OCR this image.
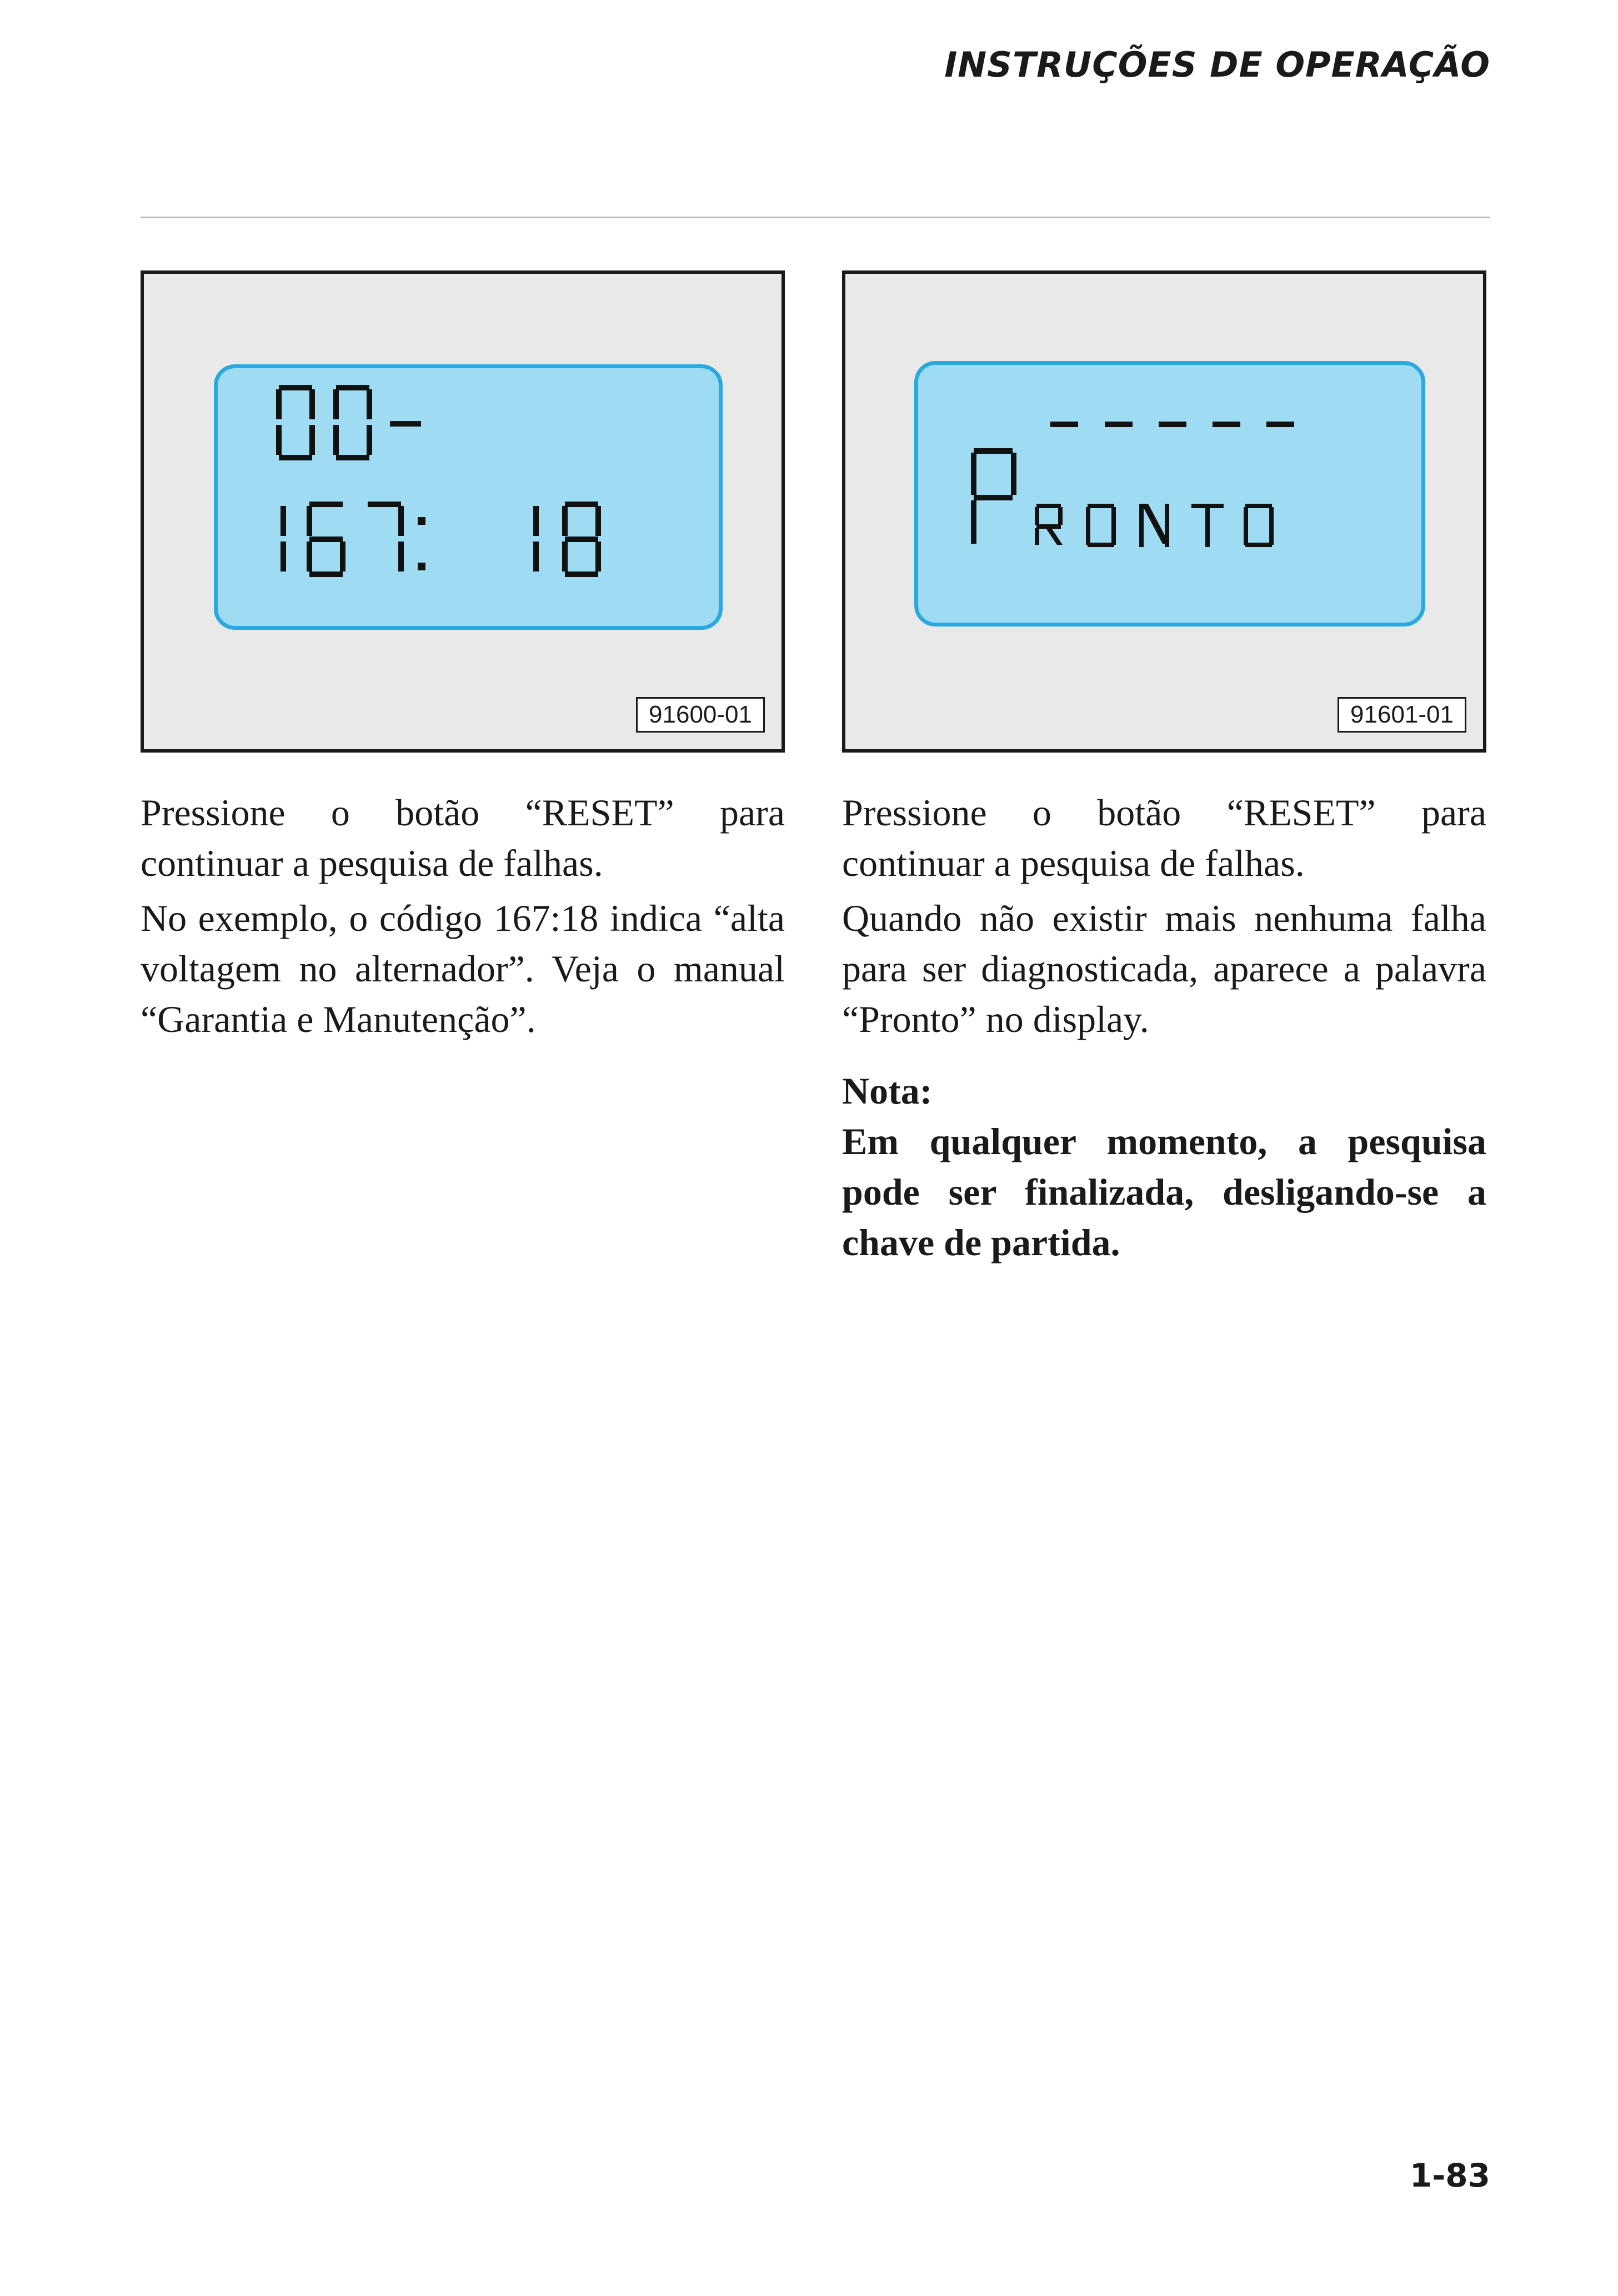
INSTRUÇÕES DE OPERAÇÃO
91600-01	91601-01

Pressione o botão “RESET” para continuar a pesquisa de falhas.

No exemplo, o código 167:18 indica “alta voltagem no alternador”. Veja o manual “Garantia e Manutenção”.

Pressione o botão “RESET” para continuar a pesquisa de falhas.

Quando não existir mais nenhuma falha para ser diagnosticada, aparece a palavra “Pronto” no display.

Nota:
Em qualquer momento, a pesquisa pode ser finalizada, desligando-se a chave de partida.
1-83
